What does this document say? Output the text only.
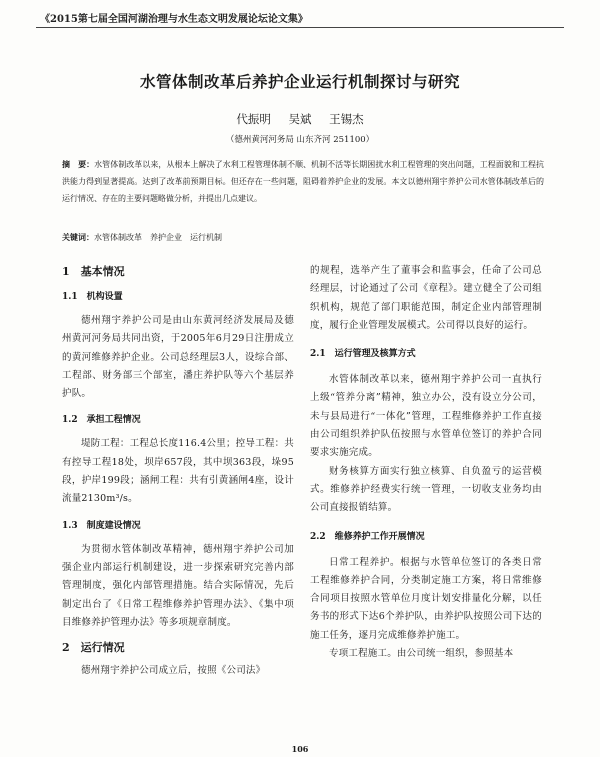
《2015第七届全国河湖治理与水生态文明发展论坛论文集》
水管体制改革后养护企业运行机制探讨与研究
代振明 吴斌 王锡杰
（德州黄河河务局 山东齐河 251100）
摘　要：水管体制改革以来，从根本上解决了水利工程管理体制不顺、机制不活等长期困扰水利工程管理的突出问题，工程面貌和工程抗洪能力得到显著提高。达到了改革前预期目标。但还存在一些问题，阻碍着养护企业的发展。本文以德州翔宇养护公司水管体制改革后的运行情况、存在的主要问题略做分析，并提出几点建议。
关键词：水管体制改革　养护企业　运行机制
1　基本情况
1.1　机构设置

德州翔宇养护公司是由山东黄河经济发展局及德州黄河河务局共同出资，于2005年6月29日注册成立的黄河维修养护企业。公司总经理层3人，设综合部、工程部、财务部三个部室，潘庄养护队等六个基层养护队。

1.2　承担工程情况

堤防工程：工程总长度116.4公里；控导工程：共有控导工程18处，坝岸657段，其中坝363段，垛95段，护岸199段；涵闸工程：共有引黄涵闸4座，设计流量2130m³/s。

1.3　制度建设情况

为贯彻水管体制改革精神，德州翔宇养护公司加强企业内部运行机制建设，进一步探索研究完善内部管理制度，强化内部管理措施。结合实际情况，先后制定出台了《日常工程维修养护管理办法》、《集中项目维修养护管理办法》等多项规章制度。

2　运行情况

德州翔宇养护公司成立后，按照《公司法》

的规程，选举产生了董事会和监事会，任命了公司总经理层，讨论通过了公司《章程》。建立健全了公司组织机构，规范了部门职能范围，制定企业内部管理制度，履行企业管理发展模式。公司得以良好的运行。

2.1　运行管理及核算方式

水管体制改革以来，德州翔宇养护公司一直执行上级“管养分离”精神，独立办公，没有设立分公司，未与县局进行“一体化”管理，工程维修养护工作直接由公司组织养护队伍按照与水管单位签订的养护合同要求实施完成。

财务核算方面实行独立核算、自负盈亏的运营模式。维修养护经费实行统一管理，一切收支业务均由公司直接报销结算。

2.2　维修养护工作开展情况

日常工程养护。根据与水管单位签订的各类日常工程维修养护合同，分类制定施工方案，将日常维修合同项目按照水管单位月度计划安排量化分解，以任务书的形式下达6个养护队，由养护队按照公司下达的施工任务，逐月完成维修养护施工。

专项工程施工。由公司统一组织，参照基本

106
